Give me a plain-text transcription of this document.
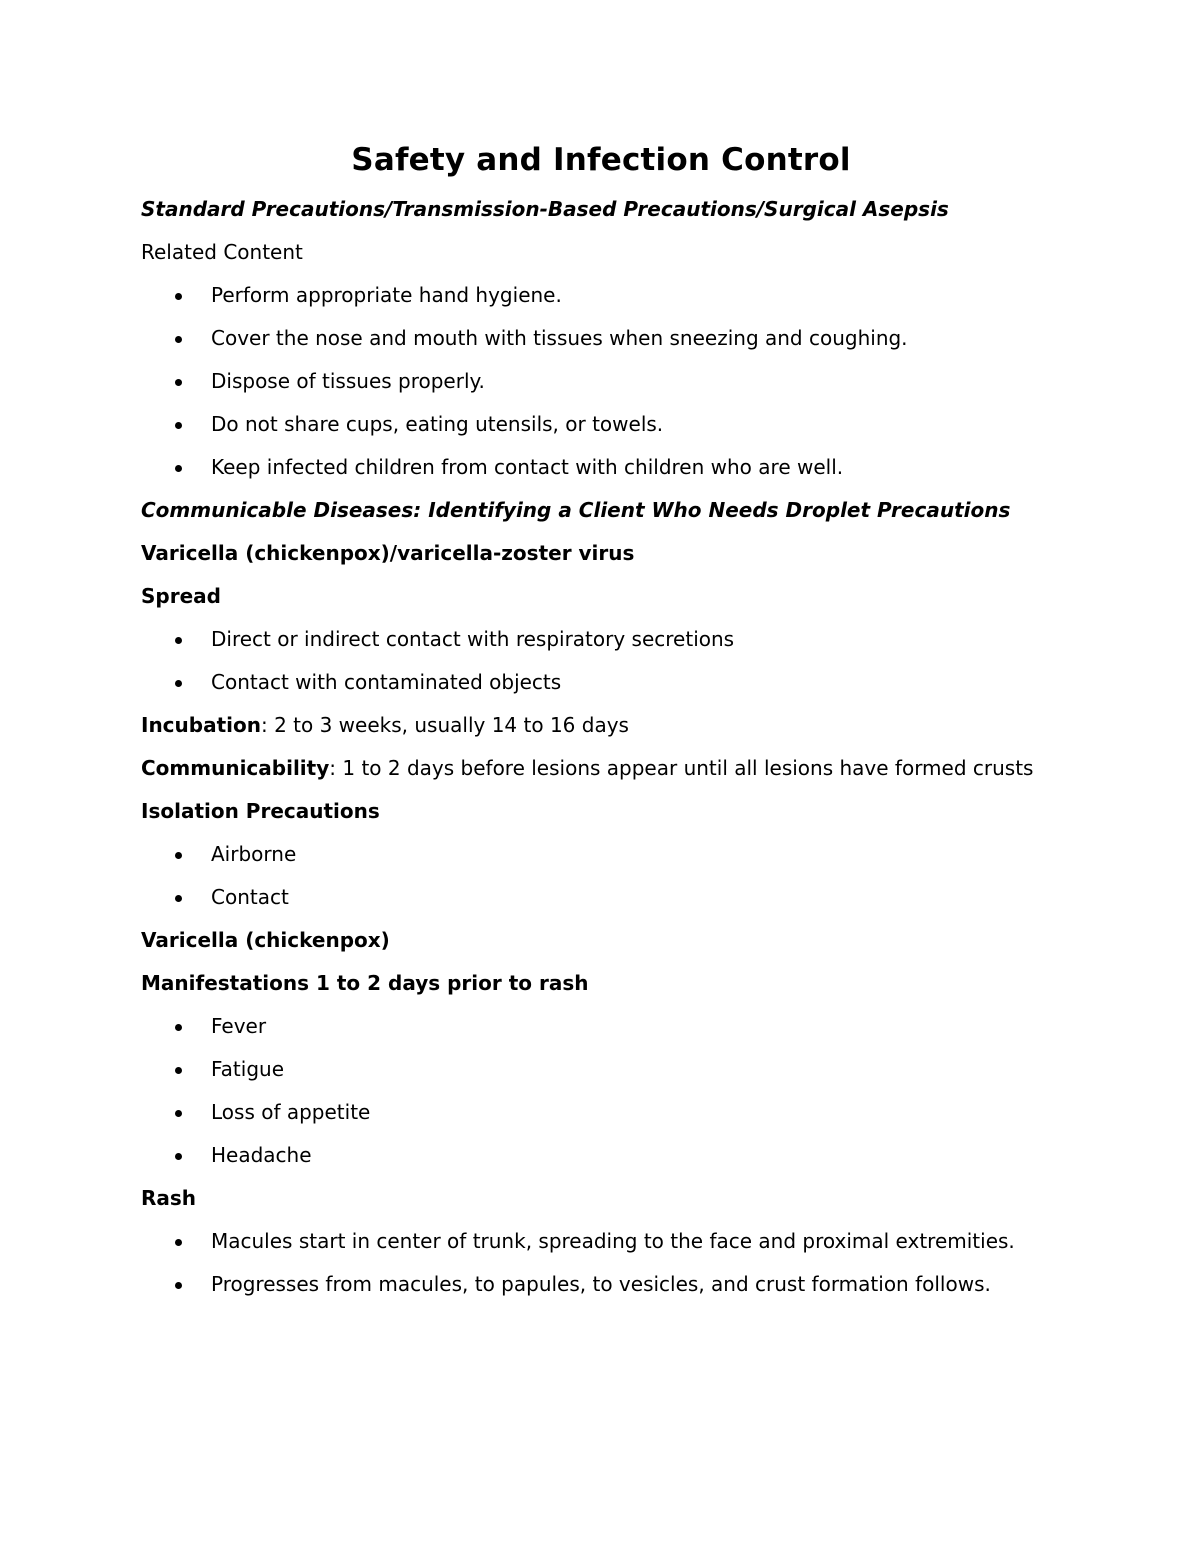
Safety and Infection Control
Standard Precautions/Transmission-Based Precautions/Surgical Asepsis
Related Content
Perform appropriate hand hygiene.
Cover the nose and mouth with tissues when sneezing and coughing.
Dispose of tissues properly.
Do not share cups, eating utensils, or towels.
Keep infected children from contact with children who are well.
Communicable Diseases: Identifying a Client Who Needs Droplet Precautions
Varicella (chickenpox)/varicella-zoster virus
Spread
Direct or indirect contact with respiratory secretions
Contact with contaminated objects
Incubation: 2 to 3 weeks, usually 14 to 16 days
Communicability: 1 to 2 days before lesions appear until all lesions have formed crusts
Isolation Precautions
Airborne
Contact
Varicella (chickenpox)
Manifestations 1 to 2 days prior to rash
Fever
Fatigue
Loss of appetite
Headache
Rash
Macules start in center of trunk, spreading to the face and proximal extremities.
Progresses from macules, to papules, to vesicles, and crust formation follows.
